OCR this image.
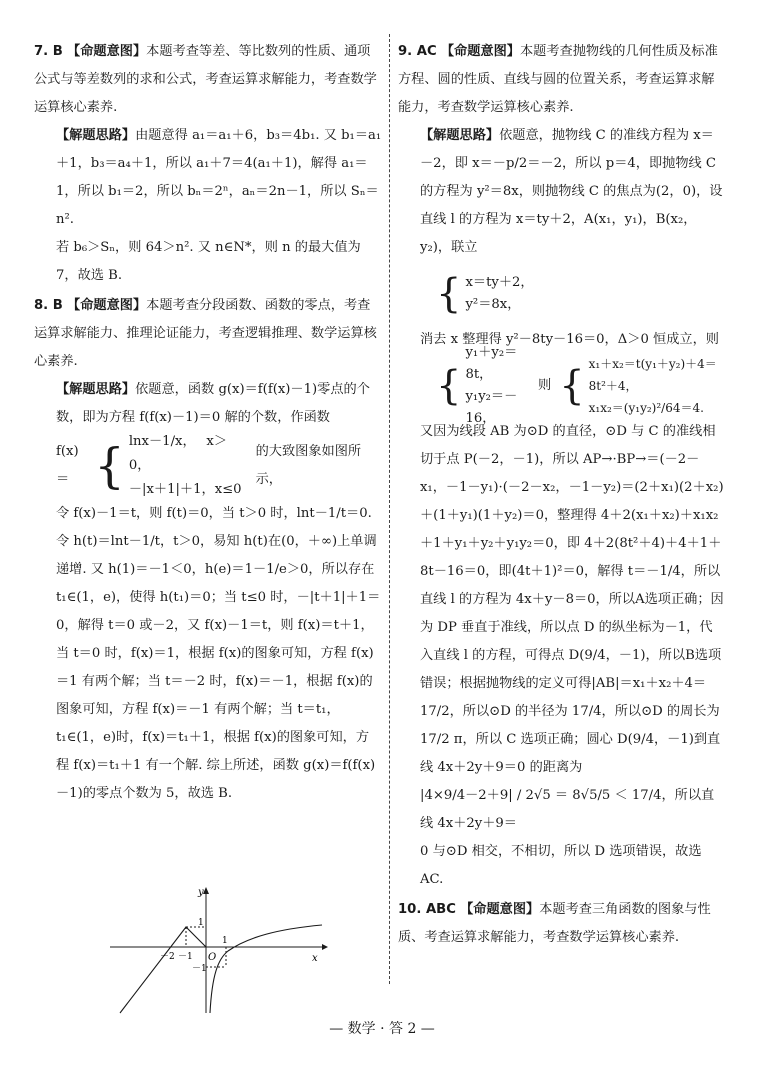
7. B 【命题意图】本题考查等差、等比数列的性质、通项公式与等差数列的求和公式，考查运算求解能力，考查数学运算核心素养.
【解题思路】由题意得 a₁＝a₁＋6，b₃＝4b₁. 又 b₁＝a₁＋1，b₃＝a₄＋1，所以 a₁＋7＝4(a₁＋1)，解得 a₁＝1，所以 b₁＝2，所以 bₙ＝2ⁿ，aₙ＝2n－1，所以 Sₙ＝n².
若 b₆＞Sₙ，则 64＞n². 又 n∈N*，则 n 的最大值为 7，故选 B.
8. B 【命题意图】本题考查分段函数、函数的零点，考查运算求解能力、推理论证能力，考查逻辑推理、数学运算核心素养.
【解题思路】依题意，函数 g(x)＝f(f(x)－1)零点的个数，即为方程 f(f(x)－1)＝0 解的个数，作函数
f(x)＝ { lnx－1/x，　 x＞0，
－|x＋1|＋1，x≤0
的大致图象如图所示，
令 f(x)－1＝t，则 f(t)＝0，当 t＞0 时，lnt－1/t＝0.
令 h(t)＝lnt－1/t，t＞0，易知 h(t)在(0，＋∞)上单调递增. 又 h(1)＝－1＜0，h(e)＝1－1/e＞0，所以存在 t₁∈(1，e)，使得 h(t₁)＝0；当 t≤0 时，－|t＋1|＋1＝0，解得 t＝0 或－2，又 f(x)－1＝t，则 f(x)＝t＋1，
当 t＝0 时，f(x)＝1，根据 f(x)的图象可知，方程 f(x)＝1 有两个解；当 t＝－2 时，f(x)＝－1，根据 f(x)的图象可知，方程 f(x)＝－1 有两个解；当 t＝t₁，t₁∈(1，e)时，f(x)＝t₁＋1，根据 f(x)的图象可知，方程 f(x)＝t₁＋1 有一个解. 综上所述，函数 g(x)＝f(f(x)－1)的零点个数为 5，故选 B.
y
x
O
－2 －1
1
1
－1
9. AC 【命题意图】本题考查抛物线的几何性质及标准方程、圆的性质、直线与圆的位置关系，考查运算求解能力，考查数学运算核心素养.
【解题思路】依题意，抛物线 C 的准线方程为 x＝－2，即 x＝－p/2＝－2，所以 p＝4，即抛物线 C 的方程为 y²＝8x，则抛物线 C 的焦点为(2，0)，设直线 l 的方程为 x＝ty＋2，A(x₁，y₁)，B(x₂，y₂)，联立
{ x＝ty＋2，
y²＝8x，
消去 x 整理得 y²－8ty－16＝0，Δ＞0 恒成立，则
{
y₁＋y₂＝8t，
y₁y₂＝－16，
则 { x₁＋x₂＝t(y₁＋y₂)＋4＝8t²＋4，
x₁x₂＝(y₁y₂)²/64＝4.
又因为线段 AB 为⊙D 的直径，⊙D 与 C 的准线相切于点 P(－2，－1)，所以 AP→·BP→＝(－2－x₁，－1－y₁)·(－2－x₂，－1－y₂)＝(2＋x₁)(2＋x₂)＋(1＋y₁)(1＋y₂)＝0，整理得 4＋2(x₁＋x₂)＋x₁x₂＋1＋y₁＋y₂＋y₁y₂＝0，即 4＋2(8t²＋4)＋4＋1＋8t－16＝0，即(4t＋1)²＝0，解得 t＝－1/4，所以直线 l 的方程为 4x＋y－8＝0，所以A选项正确；因为 DP 垂直于准线，所以点 D 的纵坐标为－1，代入直线 l 的方程，可得点 D(9/4，－1)，所以B选项错误；根据抛物线的定义可得|AB|＝x₁＋x₂＋4＝17/2，所以⊙D 的半径为 17/4，所以⊙D 的周长为 17/2 π，所以 C 选项正确；圆心 D(9/4，－1)到直线 4x＋2y＋9＝0 的距离为
|4×9/4－2＋9| / 2√5 ＝ 8√5/5 ＜ 17/4，所以直线 4x＋2y＋9＝
0 与⊙D 相交，不相切，所以 D 选项错误，故选 AC.
10. ABC 【命题意图】本题考查三角函数的图象与性质、考查运算求解能力，考查数学运算核心素养.
— 数学 · 答 2 —
